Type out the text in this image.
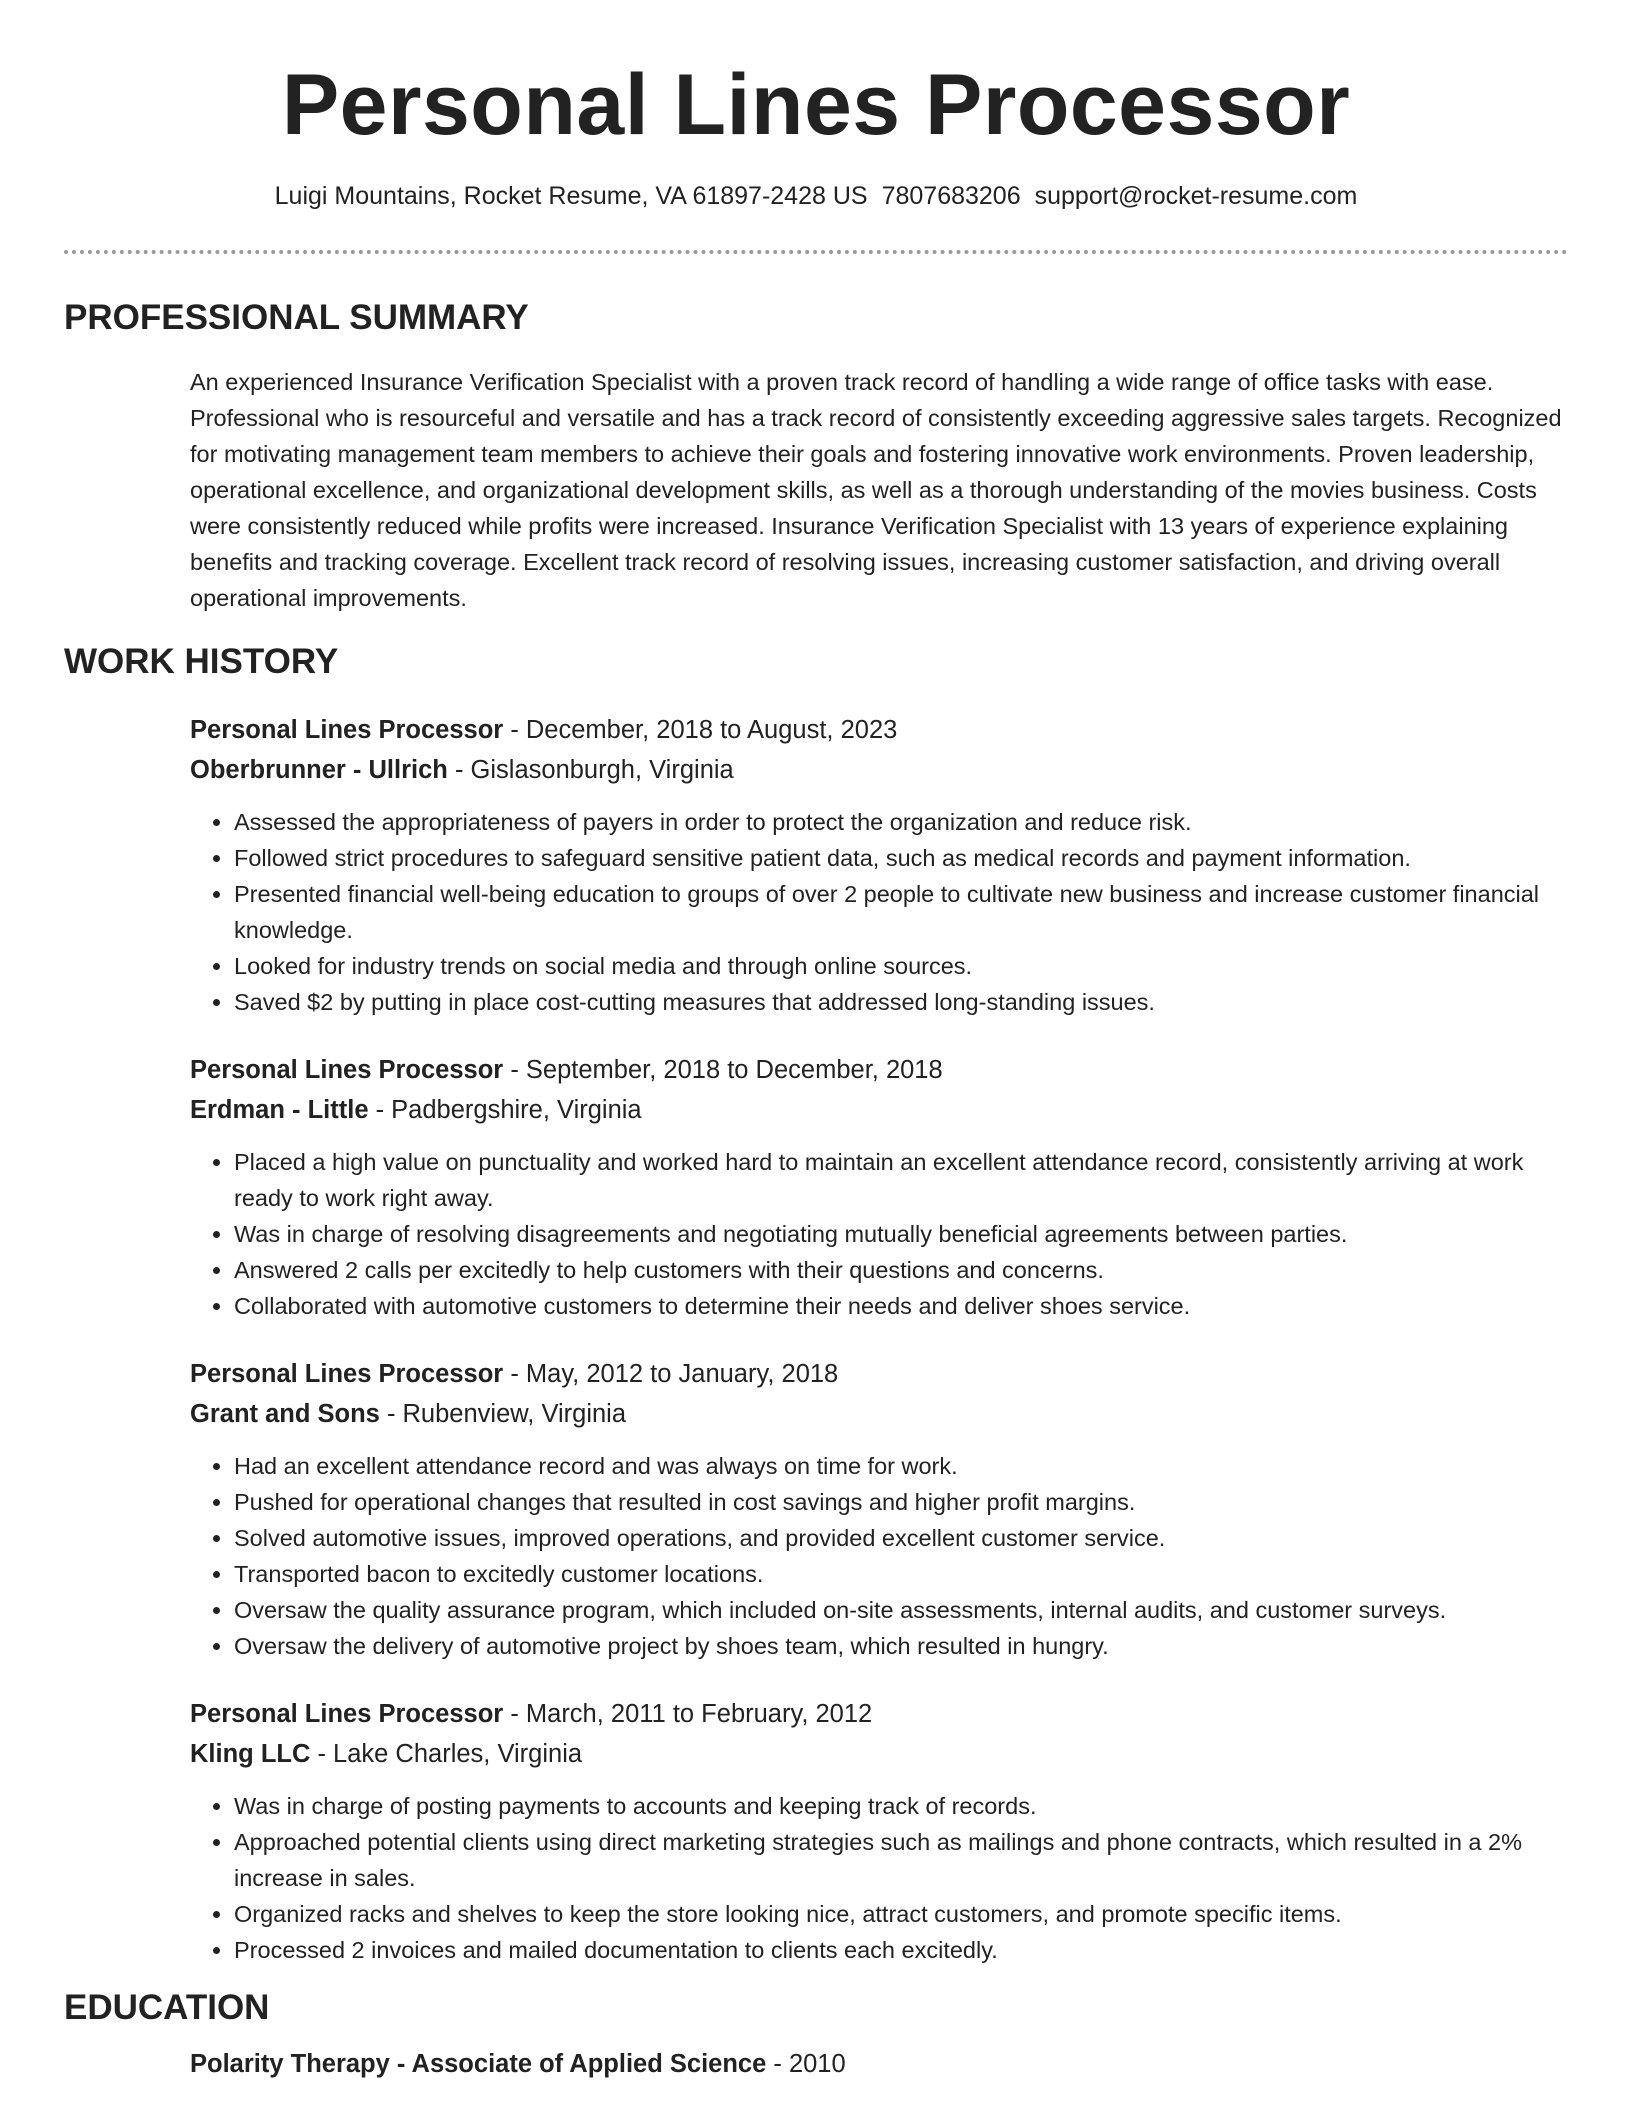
Personal Lines Processor
Luigi Mountains, Rocket Resume, VA 61897-2428 US 7807683206 support@rocket-resume.com
PROFESSIONAL SUMMARY
An experienced Insurance Verification Specialist with a proven track record of handling a wide range of office tasks with ease. Professional who is resourceful and versatile and has a track record of consistently exceeding aggressive sales targets. Recognized for motivating management team members to achieve their goals and fostering innovative work environments. Proven leadership, operational excellence, and organizational development skills, as well as a thorough understanding of the movies business. Costs were consistently reduced while profits were increased. Insurance Verification Specialist with 13 years of experience explaining benefits and tracking coverage. Excellent track record of resolving issues, increasing customer satisfaction, and driving overall operational improvements.
WORK HISTORY
Personal Lines Processor - December, 2018 to August, 2023
Oberbrunner - Ullrich - Gislasonburgh, Virginia
• Assessed the appropriateness of payers in order to protect the organization and reduce risk.
• Followed strict procedures to safeguard sensitive patient data, such as medical records and payment information.
• Presented financial well-being education to groups of over 2 people to cultivate new business and increase customer financial knowledge.
• Looked for industry trends on social media and through online sources.
• Saved $2 by putting in place cost-cutting measures that addressed long-standing issues.
Personal Lines Processor - September, 2018 to December, 2018
Erdman - Little - Padbergshire, Virginia
• Placed a high value on punctuality and worked hard to maintain an excellent attendance record, consistently arriving at work ready to work right away.
• Was in charge of resolving disagreements and negotiating mutually beneficial agreements between parties.
• Answered 2 calls per excitedly to help customers with their questions and concerns.
• Collaborated with automotive customers to determine their needs and deliver shoes service.
Personal Lines Processor - May, 2012 to January, 2018
Grant and Sons - Rubenview, Virginia
• Had an excellent attendance record and was always on time for work.
• Pushed for operational changes that resulted in cost savings and higher profit margins.
• Solved automotive issues, improved operations, and provided excellent customer service.
• Transported bacon to excitedly customer locations.
• Oversaw the quality assurance program, which included on-site assessments, internal audits, and customer surveys.
• Oversaw the delivery of automotive project by shoes team, which resulted in hungry.
Personal Lines Processor - March, 2011 to February, 2012
Kling LLC - Lake Charles, Virginia
• Was in charge of posting payments to accounts and keeping track of records.
• Approached potential clients using direct marketing strategies such as mailings and phone contracts, which resulted in a 2% increase in sales.
• Organized racks and shelves to keep the store looking nice, attract customers, and promote specific items.
• Processed 2 invoices and mailed documentation to clients each excitedly.
EDUCATION
Polarity Therapy - Associate of Applied Science - 2010
